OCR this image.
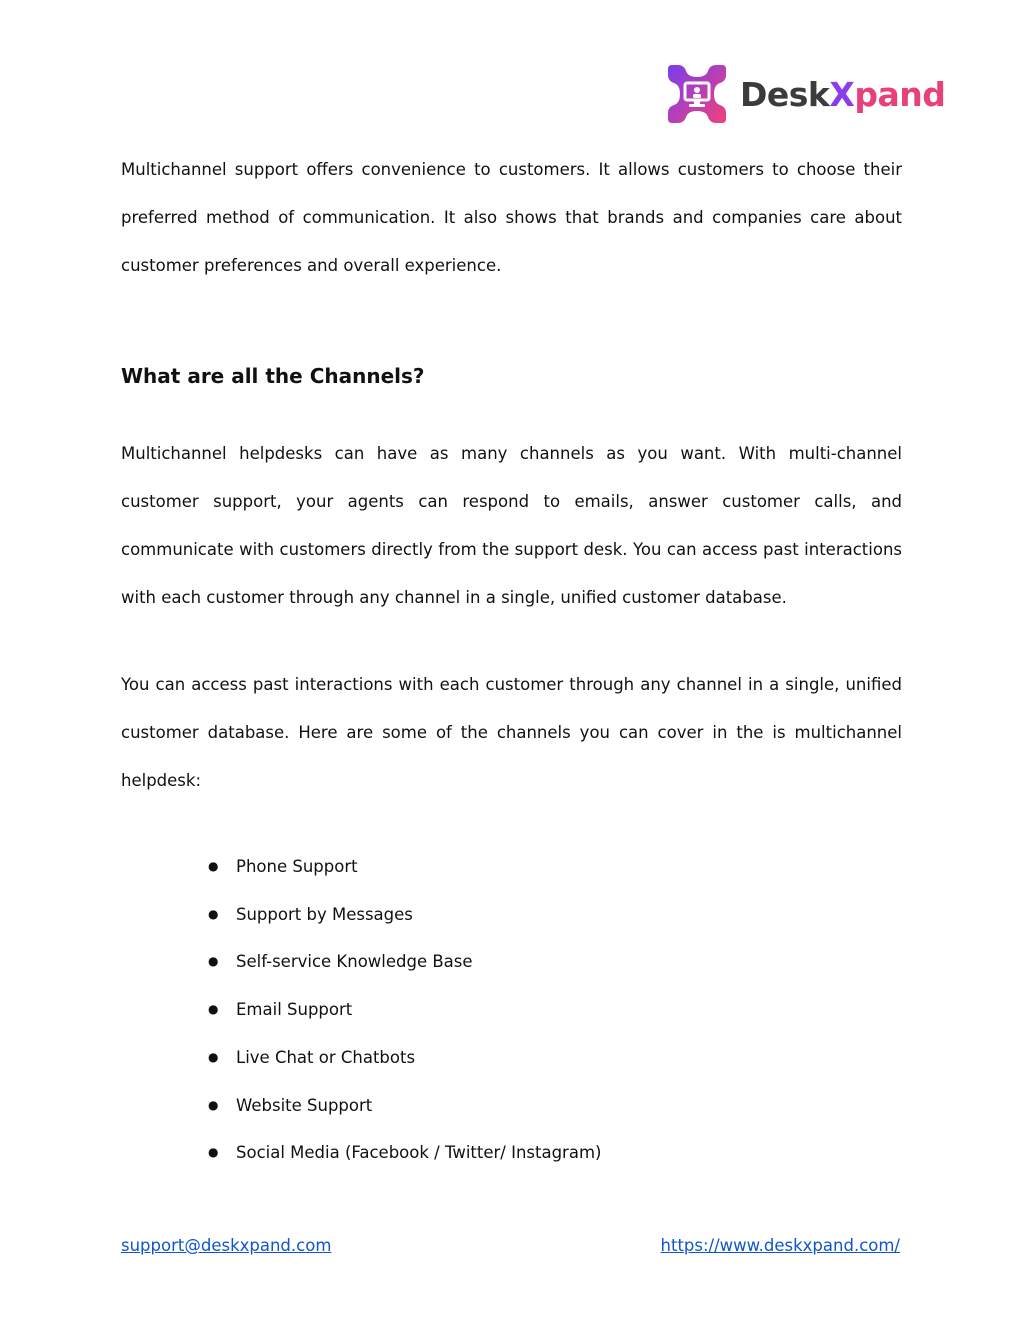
DeskXpand

Multichannel support offers convenience to customers. It allows customers to choose their preferred method of communication. It also shows that brands and companies care about customer preferences and overall experience.

What are all the Channels?

Multichannel helpdesks can have as many channels as you want. With multi-channel customer support, your agents can respond to emails, answer customer calls, and communicate with customers directly from the support desk. You can access past interactions with each customer through any channel in a single, unified customer database.

You can access past interactions with each customer through any channel in a single, unified customer database. Here are some of the channels you can cover in the is multichannel helpdesk:

● Phone Support
● Support by Messages
● Self-service Knowledge Base
● Email Support
● Live Chat or Chatbots
● Website Support
● Social Media (Facebook / Twitter/ Instagram)
support@deskxpand.com	https://www.deskxpand.com/
